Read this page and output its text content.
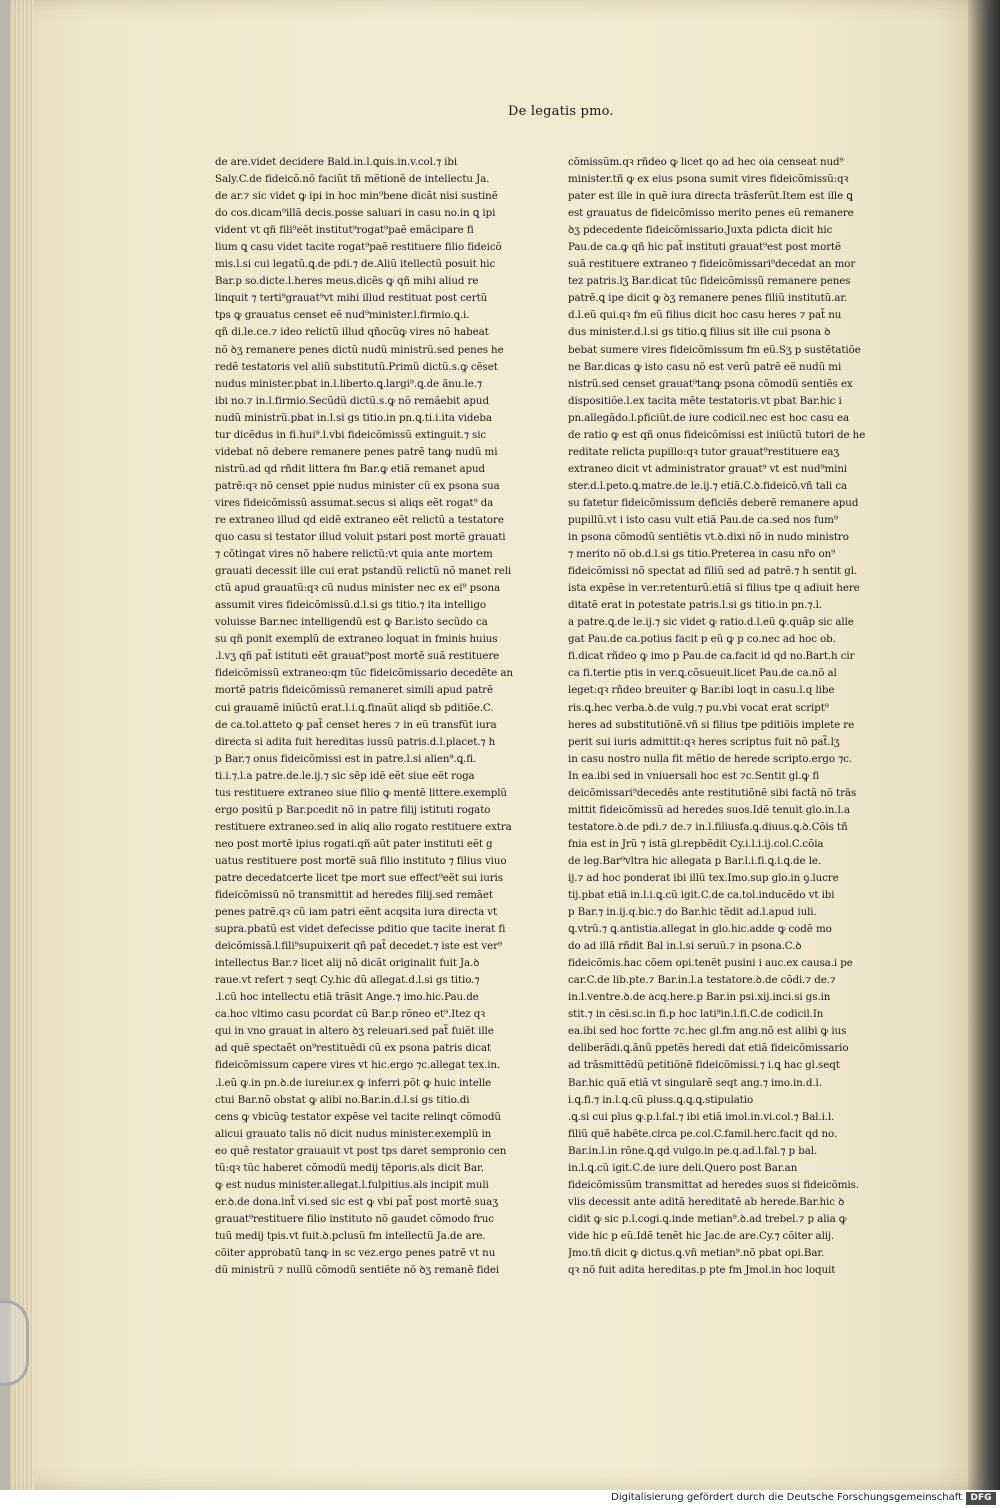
De legatis pmo.
de are.videt decidere Bald.in.l.ꝗuis.in.v.col.⁊ ibi
Saly.C.de fideicõ.nõ faciũt tñ mẽtionẽ de intellectu Ja.
de ar.⁊ sic videt ꝙ ipi in hoc min⁹bene dicãt nisi sustinẽ
do cos.dicam⁹illã decis.posse saluari in casu no.in ꝗ ipi
vident vt qñ fili⁹eẽt institut⁹rogat⁹paẽ emãcipare fi
lium ꝗ casu videt tacite rogat⁹paẽ restituere filio fideicõ
mis.l.si cui legatũ.ꝗ.de pdi.⁊ de.Aliũ itellectũ posuit hic
Bar.p so.dicte.l.heres meus.dicẽs ꝙ qñ mihi aliud re
linquit ⁊ terti⁹grauat⁹vt mihi illud restituat post certũ
tps ꝙ grauatus censet eẽ nud⁹minister.l.firmio.ꝗ.i.
qñ di.le.ce.⁊ ideo relictũ illud qñocũꝙ vires nõ habeat
nõ ꝺʒ remanere penes dictũ nudũ ministrũ.sed penes he
redẽ testatoris vel aliũ substitutũ.Primũ dictũ.s.ꝙ cẽset
nudus minister.pbat in.l.liberto.ꝗ.largi⁹.ꝗ.de ãnu.le.⁊
ibi no.⁊ in.l.firmio.Secũdũ dictũ.s.ꝙ nõ remãebit apud
nudũ ministrũ.pbat in.l.si gs titio.in pn.ꝗ.ti.i.ita videba
tur dicẽdus in fi.hui⁹.l.vbi fideicõmissũ extinguit.⁊ sic
videbat nõ debere remanere penes patrẽ tanꝙ nudũ mi
nistrũ.ad qd rñdit littera fm Bar.ꝙ etiã remanet apud
patrẽ:qꝛ nõ censet ppie nudus minister cũ ex psona sua
vires fideicõmissũ assumat.secus si aliqs eẽt rogat⁹ da
re extraneo illud qd eidẽ extraneo eẽt relictũ a testatore
quo casu si testator illud voluit pstari post mortẽ grauati
⁊ cõtingat vires nõ habere relictũ:vt quia ante mortem
grauati decessit ille cui erat pstandũ relictũ nõ manet reli
ctũ apud grauatũ:qꝛ cũ nudus minister nec ex ei⁹ psona
assumit vires fideicõmissũ.d.l.si gs titio.⁊ ita intelligo
voluisse Bar.nec intelligendũ est ꝙ Bar.isto secũdo ca
su qñ ponit exemplũ de extraneo loquat in fminis huius
.l.vʒ qñ pat̃ istituti eẽt grauat⁹post mortẽ suã restituere
fideicõmissũ extraneo:qm tũc fideicõmissario decedẽte an
mortẽ patris fideicõmissũ remaneret simili apud patrẽ
cui grauamẽ iniũctũ erat.l.i.ꝗ.finaũt aliqd sb pditiõe.C.
de ca.tol.atteto ꝙ pat̃ censet heres ⁊ in eũ transfũt iura
directa si adita fuit hereditas iussũ patris.d.l.placet.⁊ h
p Bar.⁊ onus fideicõmissi est in patre.l.si alien⁹.ꝗ.fi.
ti.i.⁊.l.a patre.de.le.ij.⁊ sic sẽp idẽ eẽt siue eẽt roga
tus restituere extraneo siue filio ꝙ mentẽ littere.exemplũ
ergo positũ p Bar.pcedit nõ in patre filij istituti rogato
restituere extraneo.sed in aliq alio rogato restituere extra
neo post mortẽ ipius rogati.qñ aũt pater instituti eẽt g
uatus restituere post mortẽ suã filio instituto ⁊ filius viuo
patre decedatcerte licet tpe mort sue effect⁹eẽt sui iuris
fideicõmissũ nõ transmittit ad heredes filij.sed remãet
penes patrẽ.qꝛ cũ iam patri eẽnt acqsita iura directa vt
supra.pbatũ est videt defecisse pditio que tacite inerat fi
deicõmissã.l.fili⁹supuixerit qñ pat̃ decedet.⁊ iste est ver⁹
intellectus Bar.⁊ licet alij nõ dicãt originalit fuit Ja.ꝺ
raue.vt refert ⁊ seqt Cy.hic dũ allegat.d.l.si gs titio.⁊
.l.cũ hoc intellectu etiã trãsit Ange.⁊ imo.hic.Pau.de
ca.hoc vltimo casu pcordat cũ Bar.p rõneo et⁹.Itez qꝛ
qui in vno grauat in altero ꝺʒ releuari.sed pat̃ fuiẽt ille
ad quẽ spectaẽt on⁹restituẽdi cũ ex psona patris dicat
fideicõmissum capere vires vt hic.ergo ⁊c.allegat tex.in.
.l.eũ ꝙ.in pn.ꝺ.de iureiur.ex ꝙ inferri põt ꝙ huic intelle
ctui Bar.nõ obstat ꝙ alibi no.Bar.in.d.l.si gs titio.di
cens ꝙ vbicũꝙ testator expẽse vel tacite relinqt cõmodũ
alicui grauato talis nõ dicit nudus minister.exemplũ in
eo quẽ restator grauauit vt post tps daret sempronio cen
tũ:qꝛ tũc haberet cõmodũ medij tẽporis.als dicit Bar.
ꝙ est nudus minister.allegat.l.fulpitius.als incipit muli
er.ꝺ.de dona.int̃ vi.sed sic est ꝙ vbi pat̃ post mortẽ suaʒ
grauat⁹restituere filio instituto nõ gaudet cõmodo fruc
tuũ medij tpis.vt fuit.ꝺ.pclusũ fm intellectũ Ja.de are.
cõiter approbatũ tanꝙ in sc vez.ergo penes patrẽ vt nu
dũ ministrũ ⁊ nullũ cõmodũ sentiẽte nõ ꝺʒ remanẽ fidei
cõmissũm.qꝛ rñdeo ꝙ licet qo ad hec oia censeat nud⁹
minister.tñ ꝙ ex eius psona sumit vires fideicõmissũ:qꝛ
pater est ille in quẽ iura directa trãsferũt.Item est ille ꝗ
est grauatus de fideicõmisso merito penes eũ remanere
ꝺʒ pdecedente fideicõmissario.Juxta pdicta dicit hic
Pau.de ca.ꝙ qñ hic pat̃ instituti grauat⁹est post mortẽ
suã restituere extraneo ⁊ fideicõmissari⁹decedat an mor
tez patris.lʒ Bar.dicat tũc fideicõmissũ remanere penes
patrẽ.ꝗ ipe dicit ꝙ ꝺʒ remanere penes filiũ institutũ.ar.
d.l.eũ qui.qꝛ fm eũ filius dicit hoc casu heres ⁊ pat̃ nu
dus minister.d.l.si gs titio.ꝗ filius sit ille cui psona ꝺ
bebat sumere vires fideicõmissum fm eũ.Sʒ p sustẽtatiõe
ne Bar.dicas ꝙ isto casu nõ est verũ patrẽ eẽ nudũ mi
nistrũ.sed censet grauat⁹tanꝙ psona cõmodũ sentiẽs ex
dispositiõe.l.ex tacita mẽte testatoris.vt pbat Bar.hic i
pn.allegãdo.l.pficiũt.de iure codicil.nec est hoc casu ea
de ratio ꝙ est qñ onus fideicõmissi est iniũctũ tutori de he
reditate relicta pupillo:qꝛ tutor grauat⁹restituere eaʒ
extraneo dicit vt administrator grauat⁹ vt est nud⁹mini
ster.d.l.peto.ꝗ.matre.de le.ij.⁊ etiã.C.ꝺ.fideicõ.vñ tali ca
su fatetur fideicõmissum deficiẽs deberẽ remanere apud
pupillũ.vt i isto casu vult etiã Pau.de ca.sed nos fum⁹
in psona cõmodũ sentiẽtis vt.ꝺ.dixi nõ in nudo ministro
⁊ merito nõ ob.d.l.si gs titio.Preterea in casu nr̃o on⁹
fideicõmissi nõ spectat ad filiũ sed ad patrẽ.⁊ h sentit gl.
ista expẽse in ver.retenturũ.etiã si filius tpe q adiuit here
ditatẽ erat in potestate patris.l.si gs titio.in pn.⁊.l.
a patre.ꝗ.de le.ij.⁊ sic videt ꝙ ratio.d.l.eũ ꝙ.quãp sic alle
gat Pau.de ca.potius facit p eũ ꝙ p co.nec ad hoc ob.
fi.dicat rñdeo ꝙ imo p Pau.de ca.facit id qd no.Bart.h cir
ca fi.tertie ptis in ver.ꝗ.cõsueuit.licet Pau.de ca.nõ al
leget:qꝛ rñdeo breuiter ꝙ Bar.ibi loqt in casu.l.q libe
ris.ꝗ.hec verba.ꝺ.de vulg.⁊ pu.vbi vocat erat script⁹
heres ad substitutiõnẽ.vñ si filius tpe pditiõis implete re
perit sui iuris admittit:qꝛ heres scriptus fuit nõ pat̃.lʒ
in casu nostro nulla fit mẽtio de herede scripto.ergo ⁊c.
In ea.ibi sed in vniuersali hoc est ⁊c.Sentit gl.ꝙ fi
deicõmissari⁹decedẽs ante restitutiõnẽ sibi factã nõ trãs
mittit fideicõmissũ ad heredes suos.Idẽ tenuit glo.in.l.a
testatore.ꝺ.de pdi.⁊ de.⁊ in.l.filiusfa.ꝗ.diuus.ꝗ.ꝺ.Cõis tñ
fnia est in Jrũ ⁊ istã gl.repbẽdit Cy.i.l.i.ij.col.C.cõia
de leg.Bar⁹vltra hic allegata p Bar.l.i.fi.ꝗ.i.ꝗ.de le.
ij.⁊ ad hoc ponderat ibi illũ tex.Imo.sup glo.in ꝯ.lucre
tij.pbat etiã in.l.i.ꝗ.cũ igit.C.de ca.tol.inducẽdo vt ibi
p Bar.⁊ in.ij.q.bic.⁊ do Bar.hic tẽdit ad.l.apud iuli.
ꝗ.vtrũ.⁊ ꝗ.antistia.allegat in glo.hic.adde ꝙ codẽ mo
do ad illã rñdit Bal in.l.si seruũ.⁊ in psona.C.ꝺ
fideicõmis.hac cõem opi.tenẽt pusini i auc.ex causa.i pe
car.C.de lib.pte.⁊ Bar.in.l.a testatore.ꝺ.de cõdi.⁊ de.⁊
in.l.ventre.ꝺ.de acq.here.p Bar.in psi.xij.inci.si gs.in
stit.⁊ in cẽsi.sc.in fi.p hoc lati⁹in.l.fi.C.de codicil.In
ea.ibi sed hoc fortte ⁊c.hec gl.fm ang.nõ est alibi ꝙ ius
deliberãdi.ꝗ.ãnũ ppetẽs heredi dat etiã fideicõmissario
ad trãsmittẽdũ petitiõnẽ fideicõmissi.⁊ i.ꝗ hac gl.seqt
Bar.hic quã etiã vt singularẽ seqt ang.⁊ imo.in.d.l.
i.ꝗ.fi.⁊ in.l.ꝗ.cũ pluss.ꝗ.ꝗ.ꝗ.stipulatio
.ꝗ.si cui plus ꝙ.p.l.fal.⁊ ibi etiã imol.in.vi.col.⁊ Bal.i.l.
filiũ quẽ habẽte.circa pe.col.C.famil.herc.facit qd no.
Bar.in.l.in rõne.ꝗ.qd vulgo.in pe.q.ad.l.fal.⁊ p bal.
in.l.ꝗ.cũ igit.C.de iure deli.Quero post Bar.an
fideicõmissũm transmittat ad heredes suos si fideicõmis.
vlis decessit ante aditã hereditatẽ ab herede.Bar.hic ꝺ
cidit ꝙ sic p.l.cogi.ꝗ.inde metian⁹.ꝺ.ad trebel.⁊ p alia ꝙ
vide hic p eũ.Idẽ tenẽt hic Jac.de are.Cy.⁊ cõiter alij.
Jmo.tñ dicit ꝙ dictus.ꝗ.vñ metian⁹.nõ pbat opi.Bar.
qꝛ nõ fuit adita hereditas.p pte fm Jmol.in hoc loquit
Digitalisierung gefördert durch die Deutsche Forschungsgemeinschaft DFG
